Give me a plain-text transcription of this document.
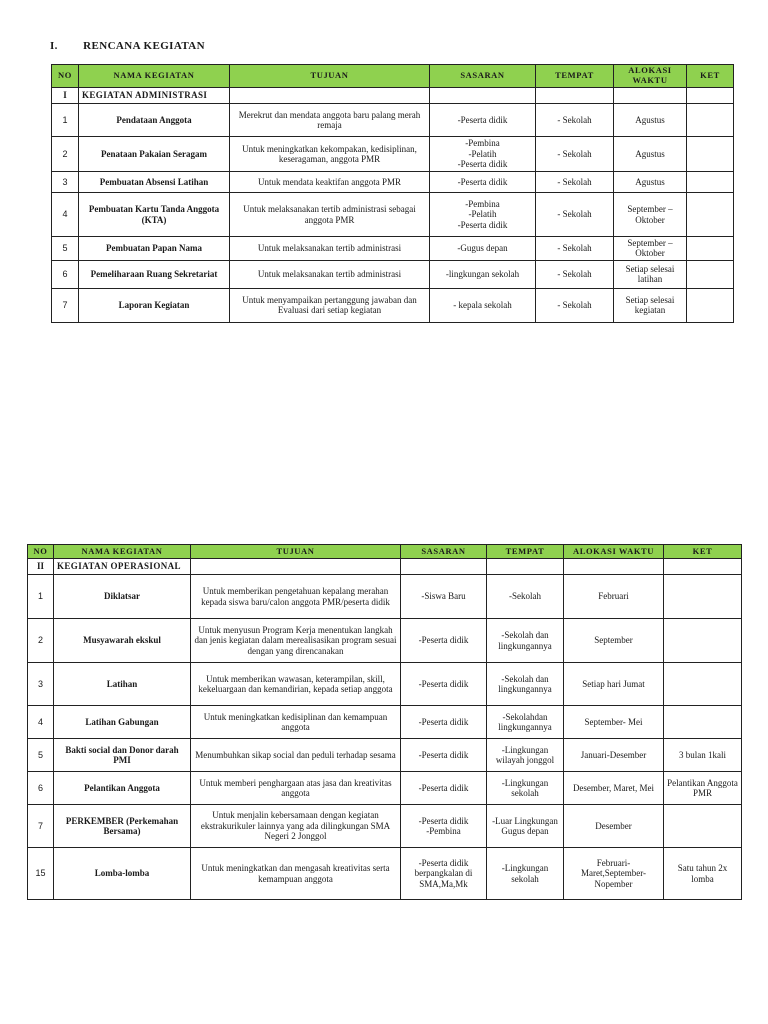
I. RENCANA KEGIATAN
NO	NAMA KEGIATAN	TUJUAN	SASARAN	TEMPAT	ALOKASI WAKTU	KET
I	KEGIATAN ADMINISTRASI					
1	Pendataan Anggota	Merekrut dan mendata anggota baru palang merah remaja	-Peserta didik	- Sekolah	Agustus	
2	Penataan Pakaian Seragam	Untuk meningkatkan kekompakan, kedisiplinan, keseragaman, anggota PMR	-Pembina
-Pelatih
-Peserta didik	- Sekolah	Agustus	
3	Pembuatan Absensi Latihan	Untuk mendata keaktifan anggota PMR	-Peserta didik	- Sekolah	Agustus	
4	Pembuatan Kartu Tanda Anggota (KTA)	Untuk melaksanakan tertib administrasi sebagai anggota PMR	-Pembina
-Pelatih
-Peserta didik	- Sekolah	September – Oktober	
5	Pembuatan Papan Nama	Untuk melaksanakan tertib administrasi	-Gugus depan	- Sekolah	September – Oktober	
6	Pemeliharaan Ruang Sekretariat	Untuk melaksanakan tertib administrasi	-lingkungan sekolah	- Sekolah	Setiap selesai latihan	
7	Laporan Kegiatan	Untuk menyampaikan pertanggung jawaban dan Evaluasi dari setiap kegiatan	- kepala sekolah	- Sekolah	Setiap selesai kegiatan	
NO	NAMA KEGIATAN	TUJUAN	SASARAN	TEMPAT	ALOKASI WAKTU	KET
II	KEGIATAN OPERASIONAL					
1	Diklatsar	Untuk memberikan pengetahuan kepalang merahan kepada siswa baru/calon anggota PMR/peserta didik	-Siswa Baru	-Sekolah	Februari	
2	Musyawarah ekskul	Untuk menyusun Program Kerja menentukan langkah dan jenis kegiatan dalam merealisasikan program sesuai dengan yang direncanakan	-Peserta didik	-Sekolah dan lingkungannya	September	
3	Latihan	Untuk memberikan wawasan, keterampilan, skill, kekeluargaan dan kemandirian, kepada setiap anggota	-Peserta didik	-Sekolah dan lingkungannya	Setiap hari Jumat	
4	Latihan Gabungan	Untuk meningkatkan kedisiplinan dan kemampuan anggota	-Peserta didik	-Sekolahdan lingkungannya	September- Mei	
5	Bakti social dan Donor darah PMI	Menumbuhkan sikap social dan peduli terhadap sesama	-Peserta didik	-Lingkungan wilayah jonggol	Januari-Desember	3 bulan 1kali
6	Pelantikan Anggota	Untuk memberi penghargaan atas jasa dan kreativitas anggota	-Peserta didik	-Lingkungan sekolah	Desember, Maret, Mei	Pelantikan Anggota PMR
7	PERKEMBER (Perkemahan Bersama)	Untuk menjalin kebersamaan dengan kegiatan ekstrakurikuler lainnya yang ada dilingkungan SMA Negeri 2 Jonggol	-Peserta didik
-Pembina	-Luar Lingkungan Gugus depan	Desember	
15	Lomba-lomba	Untuk meningkatkan dan mengasah kreativitas serta kemampuan anggota	-Peserta didik berpangkalan di SMA,Ma,Mk	-Lingkungan sekolah	Februari- Maret,September- Nopember	Satu tahun 2x lomba
